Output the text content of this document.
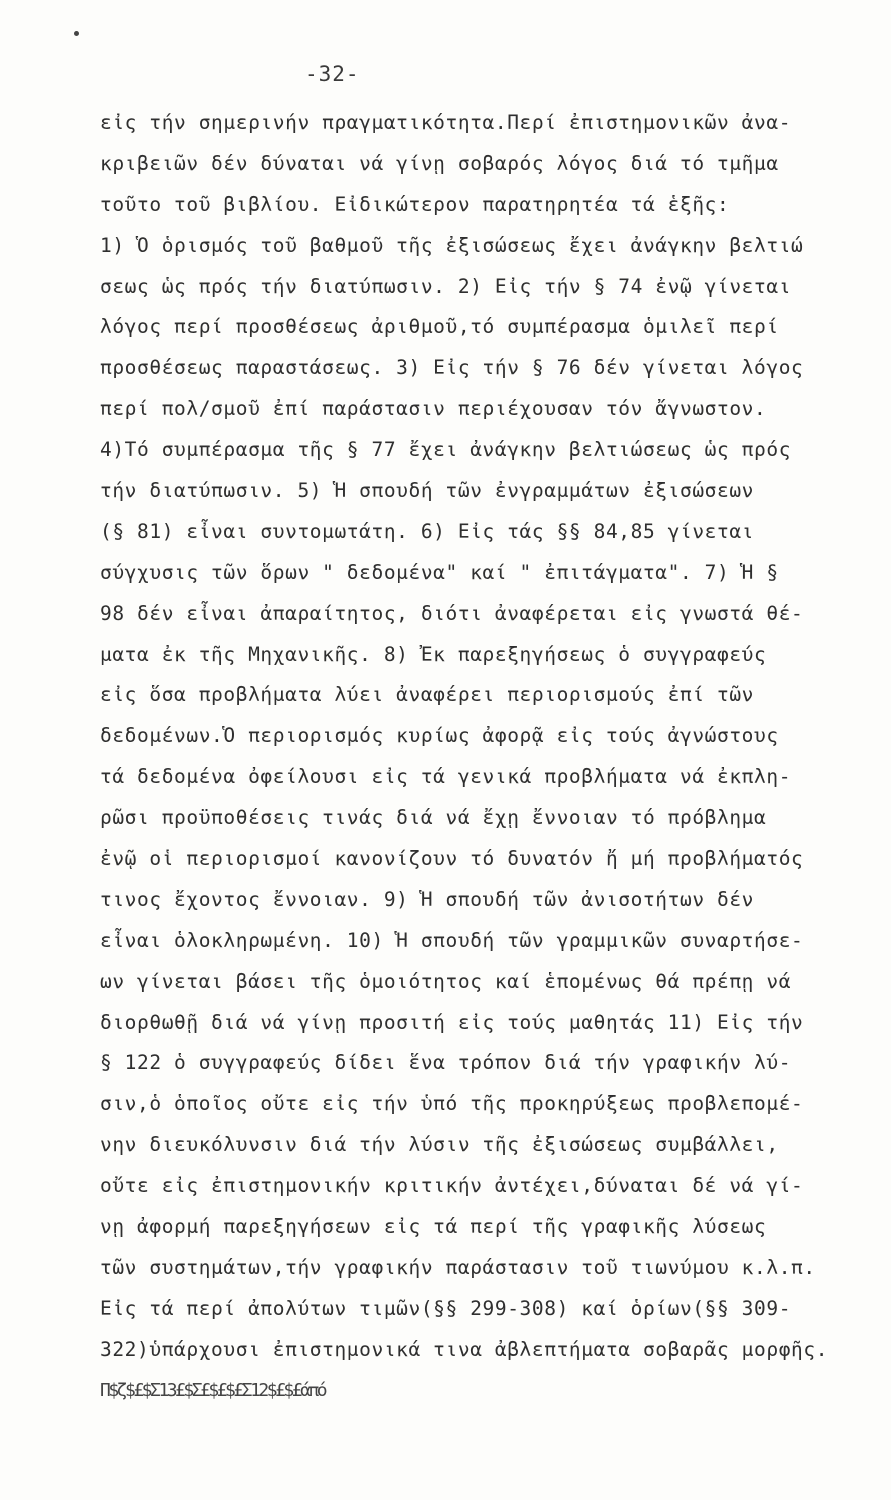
-32-
εἰς τήν σημερινήν πραγματικότητα.Περί ἐπιστημονικῶν ἀνα-
κριβειῶν δέν δύναται νά γίνῃ σοβαρός λόγος διά τό τμῆμα
τοῦτο τοῦ βιβλίου. Εἰδικώτερον παρατηρητέα τά ἑξῆς:
1) Ὁ ὁρισμός τοῦ βαθμοῦ τῆς ἐξισώσεως ἔχει ἀνάγκην βελτιώ
σεως ὡς πρός τήν διατύπωσιν. 2) Εἰς τήν § 74 ἐνῷ γίνεται
λόγος περί προσθέσεως ἀριθμοῦ,τό συμπέρασμα ὁμιλεῖ περί
προσθέσεως παραστάσεως. 3) Εἰς τήν § 76 δέν γίνεται λόγος
περί πολ/σμοῦ ἐπί παράστασιν περιέχουσαν τόν ἄγνωστον.
4)Τό συμπέρασμα τῆς § 77 ἔχει ἀνάγκην βελτιώσεως ὡς πρός
τήν διατύπωσιν. 5) Ἡ σπουδή τῶν ἐνγραμμάτων ἐξισώσεων
(§ 81) εἶναι συντομωτάτη. 6) Εἰς τάς §§ 84,85 γίνεται
σύγχυσις τῶν ὅρων " δεδομένα" καί " ἐπιτάγματα". 7) Ἡ §
98 δέν εἶναι ἀπαραίτητος, διότι ἀναφέρεται εἰς γνωστά θέ-
ματα ἐκ τῆς Μηχανικῆς. 8) Ἐκ παρεξηγήσεως ὁ συγγραφεύς
εἰς ὅσα προβλήματα λύει ἀναφέρει περιορισμούς ἐπί τῶν
δεδομένων.Ὁ περιορισμός κυρίως ἀφορᾷ εἰς τούς ἀγνώστους
τά δεδομένα ὀφείλουσι εἰς τά γενικά προβλήματα νά ἐκπλη-
ρῶσι προϋποθέσεις τινάς διά νά ἔχῃ ἔννοιαν τό πρόβλημα
ἐνῷ οἱ περιορισμοί κανονίζουν τό δυνατόν ἤ μή προβλήματός
τινος ἔχοντος ἔννοιαν. 9) Ἡ σπουδή τῶν ἀνισοτήτων δέν
εἶναι ὁλοκληρωμένη. 10) Ἡ σπουδή τῶν γραμμικῶν συναρτήσε-
ων γίνεται βάσει τῆς ὁμοιότητος καί ἑπομένως θά πρέπῃ νά
διορθωθῇ διά νά γίνῃ προσιτή εἰς τούς μαθητάς 11) Εἰς τήν
§ 122 ὁ συγγραφεύς δίδει ἕνα τρόπον διά τήν γραφικήν λύ-
σιν,ὁ ὁποῖος οὔτε εἰς τήν ὑπό τῆς προκηρύξεως προβλεπομέ-
νην διευκόλυνσιν διά τήν λύσιν τῆς ἐξισώσεως συμβάλλει,
οὔτε εἰς ἐπιστημονικήν κριτικήν ἀντέχει,δύναται δέ νά γί-
νῃ ἀφορμή παρεξηγήσεων εἰς τά περί τῆς γραφικῆς λύσεως
τῶν συστημάτων,τήν γραφικήν παράστασιν τοῦ τιωνύμου κ.λ.π.
Εἰς τά περί ἀπολύτων τιμῶν(§§ 299-308) καί ὁρίων(§§ 309-
322)ὑπάρχουσι ἐπιστημονικά τινα ἀβλεπτήματα σοβαρᾶς μορφῆς.
Π$ζ$£$Σ13£$Σ£$£$£Σ12$£$£άπό
